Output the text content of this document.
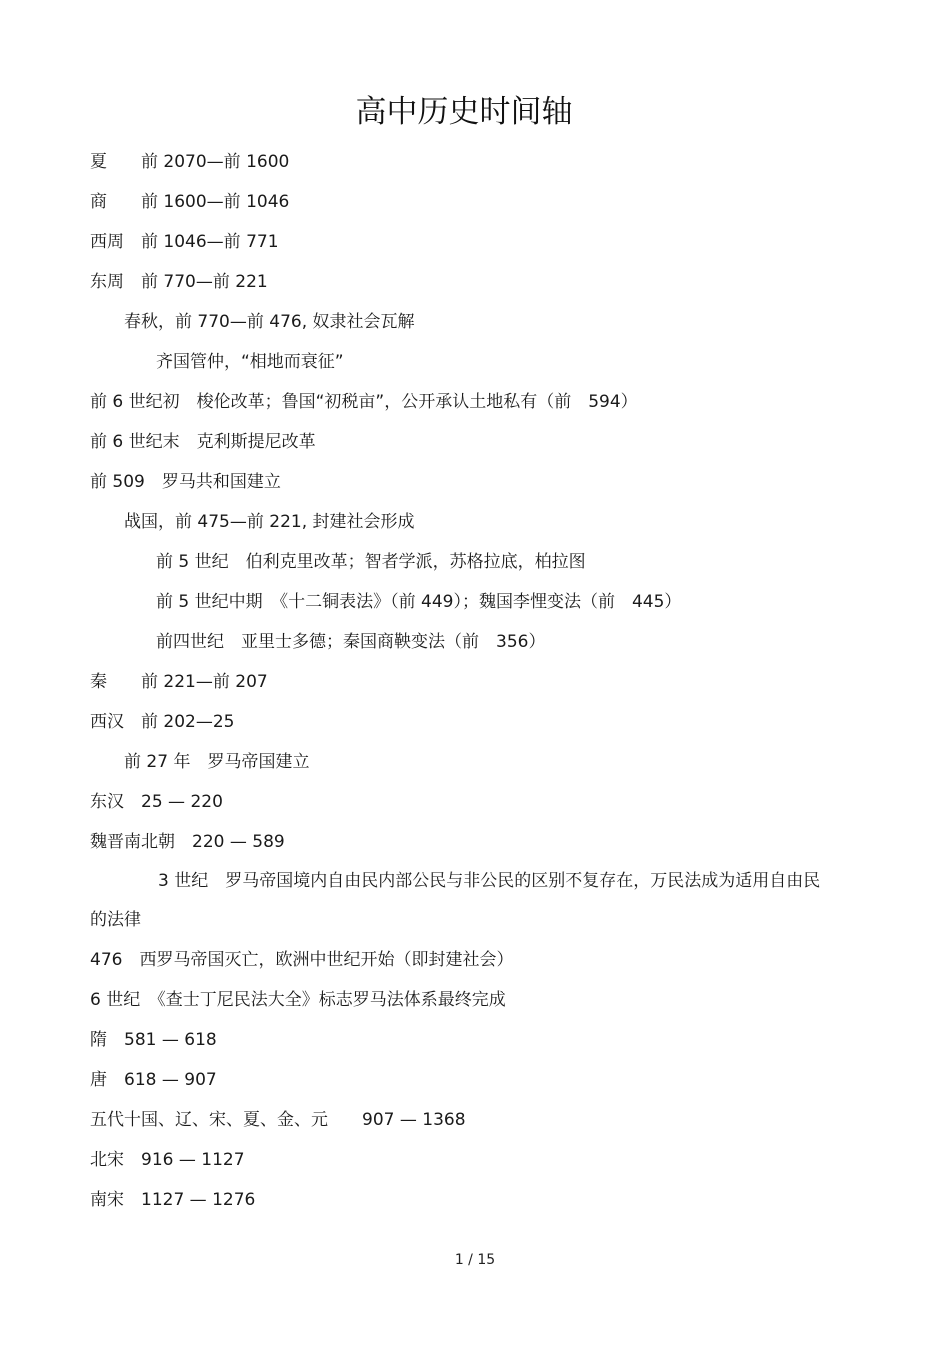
高中历史时间轴
夏　　前 2070—前 1600
商　　前 1600—前 1046
西周　前 1046—前 771
东周　前 770—前 221
春秋，前 770—前 476, 奴隶社会瓦解
齐国管仲，“相地而衰征”
前 6 世纪初　梭伦改革；鲁国“初税亩”，公开承认土地私有（前　594）
前 6 世纪末　克利斯提尼改革
前 509　罗马共和国建立
战国，前 475—前 221, 封建社会形成
前 5 世纪　伯利克里改革；智者学派，苏格拉底，柏拉图
前 5 世纪中期　《十二铜表法》（前 449）；魏国李悝变法（前　445）
前四世纪　亚里士多德；秦国商鞅变法（前　356）
秦　　前 221—前 207
西汉　前 202—25
前 27 年　罗马帝国建立
东汉　25 — 220
魏晋南北朝　220 — 589
　　　　3 世纪　罗马帝国境内自由民内部公民与非公民的区别不复存在，万民法成为适用自由民的法律
476　西罗马帝国灭亡，欧洲中世纪开始（即封建社会）
6 世纪　《查士丁尼民法大全》标志罗马法体系最终完成
隋　581 — 618
唐　618 — 907
五代十国、辽、宋、夏、金、元　　907 — 1368
北宋　916 — 1127
南宋　1127 — 1276
1 / 15
